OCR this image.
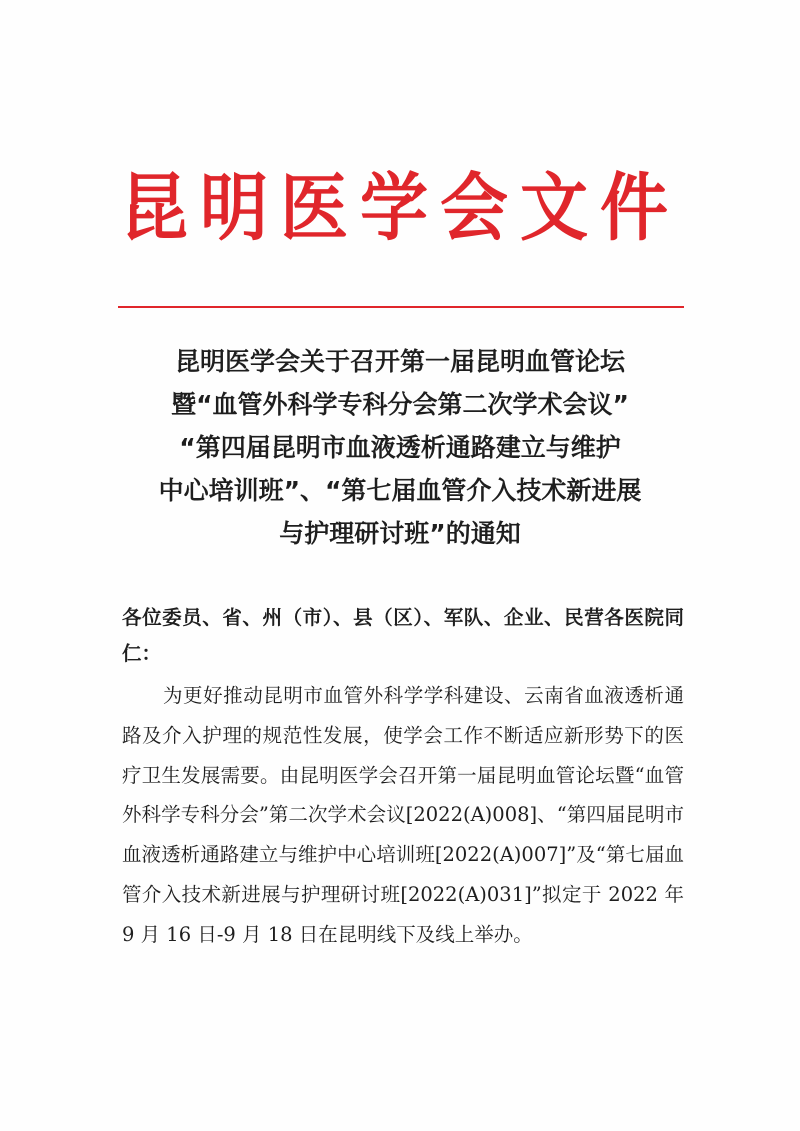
昆明医学会文件
昆明医学会关于召开第一届昆明血管论坛
暨“血管外科学专科分会第二次学术会议”
“第四届昆明市血液透析通路建立与维护
中心培训班”、“第七届血管介入技术新进展
与护理研讨班”的通知
各位委员、省、州（市）、县（区）、军队、企业、民营各医院同仁：
为更好推动昆明市血管外科学学科建设、云南省血液透析通路及介入护理的规范性发展，使学会工作不断适应新形势下的医疗卫生发展需要。由昆明医学会召开第一届昆明血管论坛暨“血管外科学专科分会”第二次学术会议[2022(A)008]、“第四届昆明市血液透析通路建立与维护中心培训班[2022(A)007]”及“第七届血管介入技术新进展与护理研讨班[2022(A)031]”拟定于 2022 年 9 月 16 日-9 月 18 日在昆明线下及线上举办。
